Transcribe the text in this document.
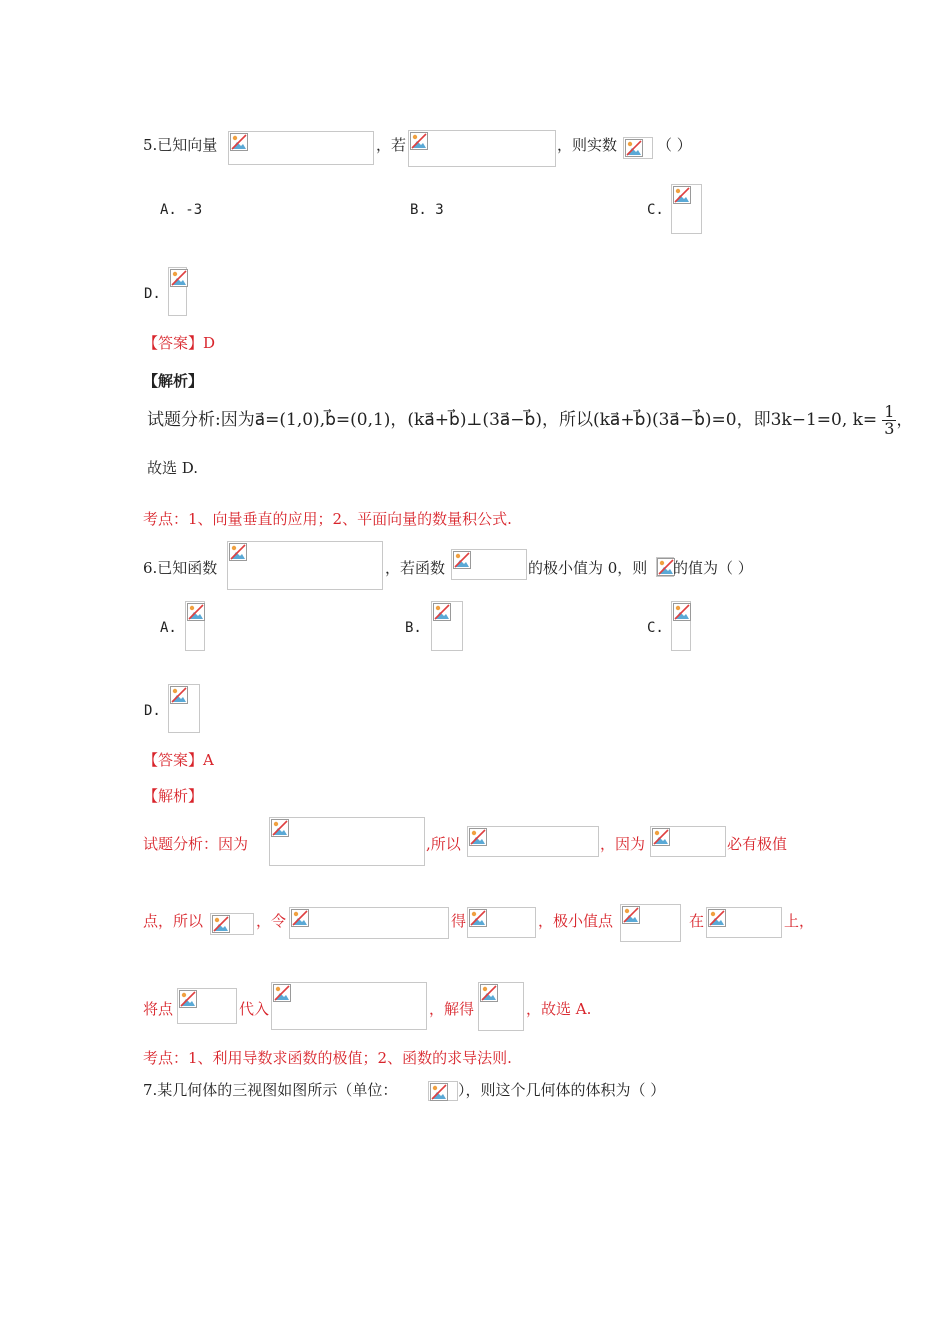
5.已知向量	，若	，则实数	（ ）
A. -3	B. 3	C.
D.
【答案】D
【解析】
试题分析:因为a⃗=(1,0),b⃗=(0,1)，(ka⃗+b⃗)⊥(3a⃗−b⃗)，所以(ka⃗+b⃗)(3a⃗−b⃗)=0，即3k−1=0, $k= \frac{1}{3}$ ，
故选 D.
考点：1、向量垂直的应用；2、平面向量的数量积公式.
6.已知函数	，若函数	的极小值为 0，则 的值为（ ）
A.	B.	C.
D.
【答案】A
【解析】
试题分析：因为	,所以	，因为	必有极值
点，所以	，令	得	，极小值点	在	上，
将点	代入	，解得	，故选 A.
考点：1、利用导数求函数的极值；2、函数的求导法则.
7.某几何体的三视图如图所示（单位：	），则这个几何体的体积为（ ）
